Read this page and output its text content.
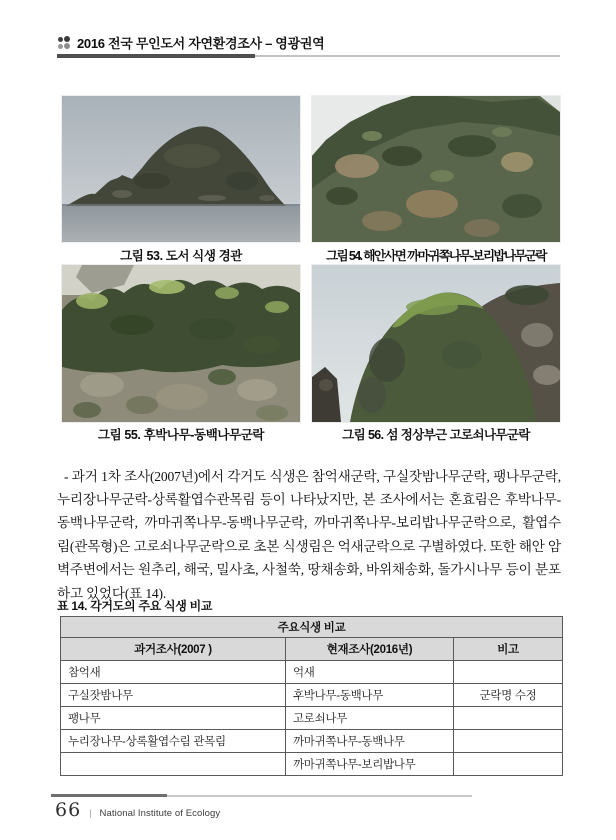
2016 전국 무인도서 자연환경조사 – 영광권역
그림 53. 도서 식생 경관	그림 54. 해안사면 까마귀쪽나무-보리밥나무군락
그림 55. 후박나무-동백나무군락	그림 56. 섬 정상부근 고로쇠나무군락

- 과거 1차 조사(2007년)에서 각거도 식생은 참억새군락, 구실잣밤나무군락, 팽나무군락, 누리장나무군락-상록활엽수관목림 등이 나타났지만, 본 조사에서는 혼효림은 후박나무-동백나무군락, 까마귀쪽나무-동백나무군락, 까마귀쪽나무-보리밥나무군락으로, 활엽수림(관목형)은 고로쇠나무군락으로 초본 식생림은 억새군락으로 구별하였다. 또한 해안 암벽주변에서는 원추리, 해국, 밀사초, 사철쑥, 땅채송화, 바위채송화, 돌가시나무 등이 분포하고 있었다(표 14).

표 14. 각거도의 주요 식생 비교
주요식생 비교		
과거조사(2007 )	현재조사(2016년)	비고
참억새	억새	
구실잣밤나무	후박나무-동백나무	군락명 수정
팽나무	고로쇠나무	
누리장나무-상록활엽수림 관목림	까마귀쪽나무-동백나무	
	까마귀쪽나무-보리밥나무	
66 | National Institute of Ecology
